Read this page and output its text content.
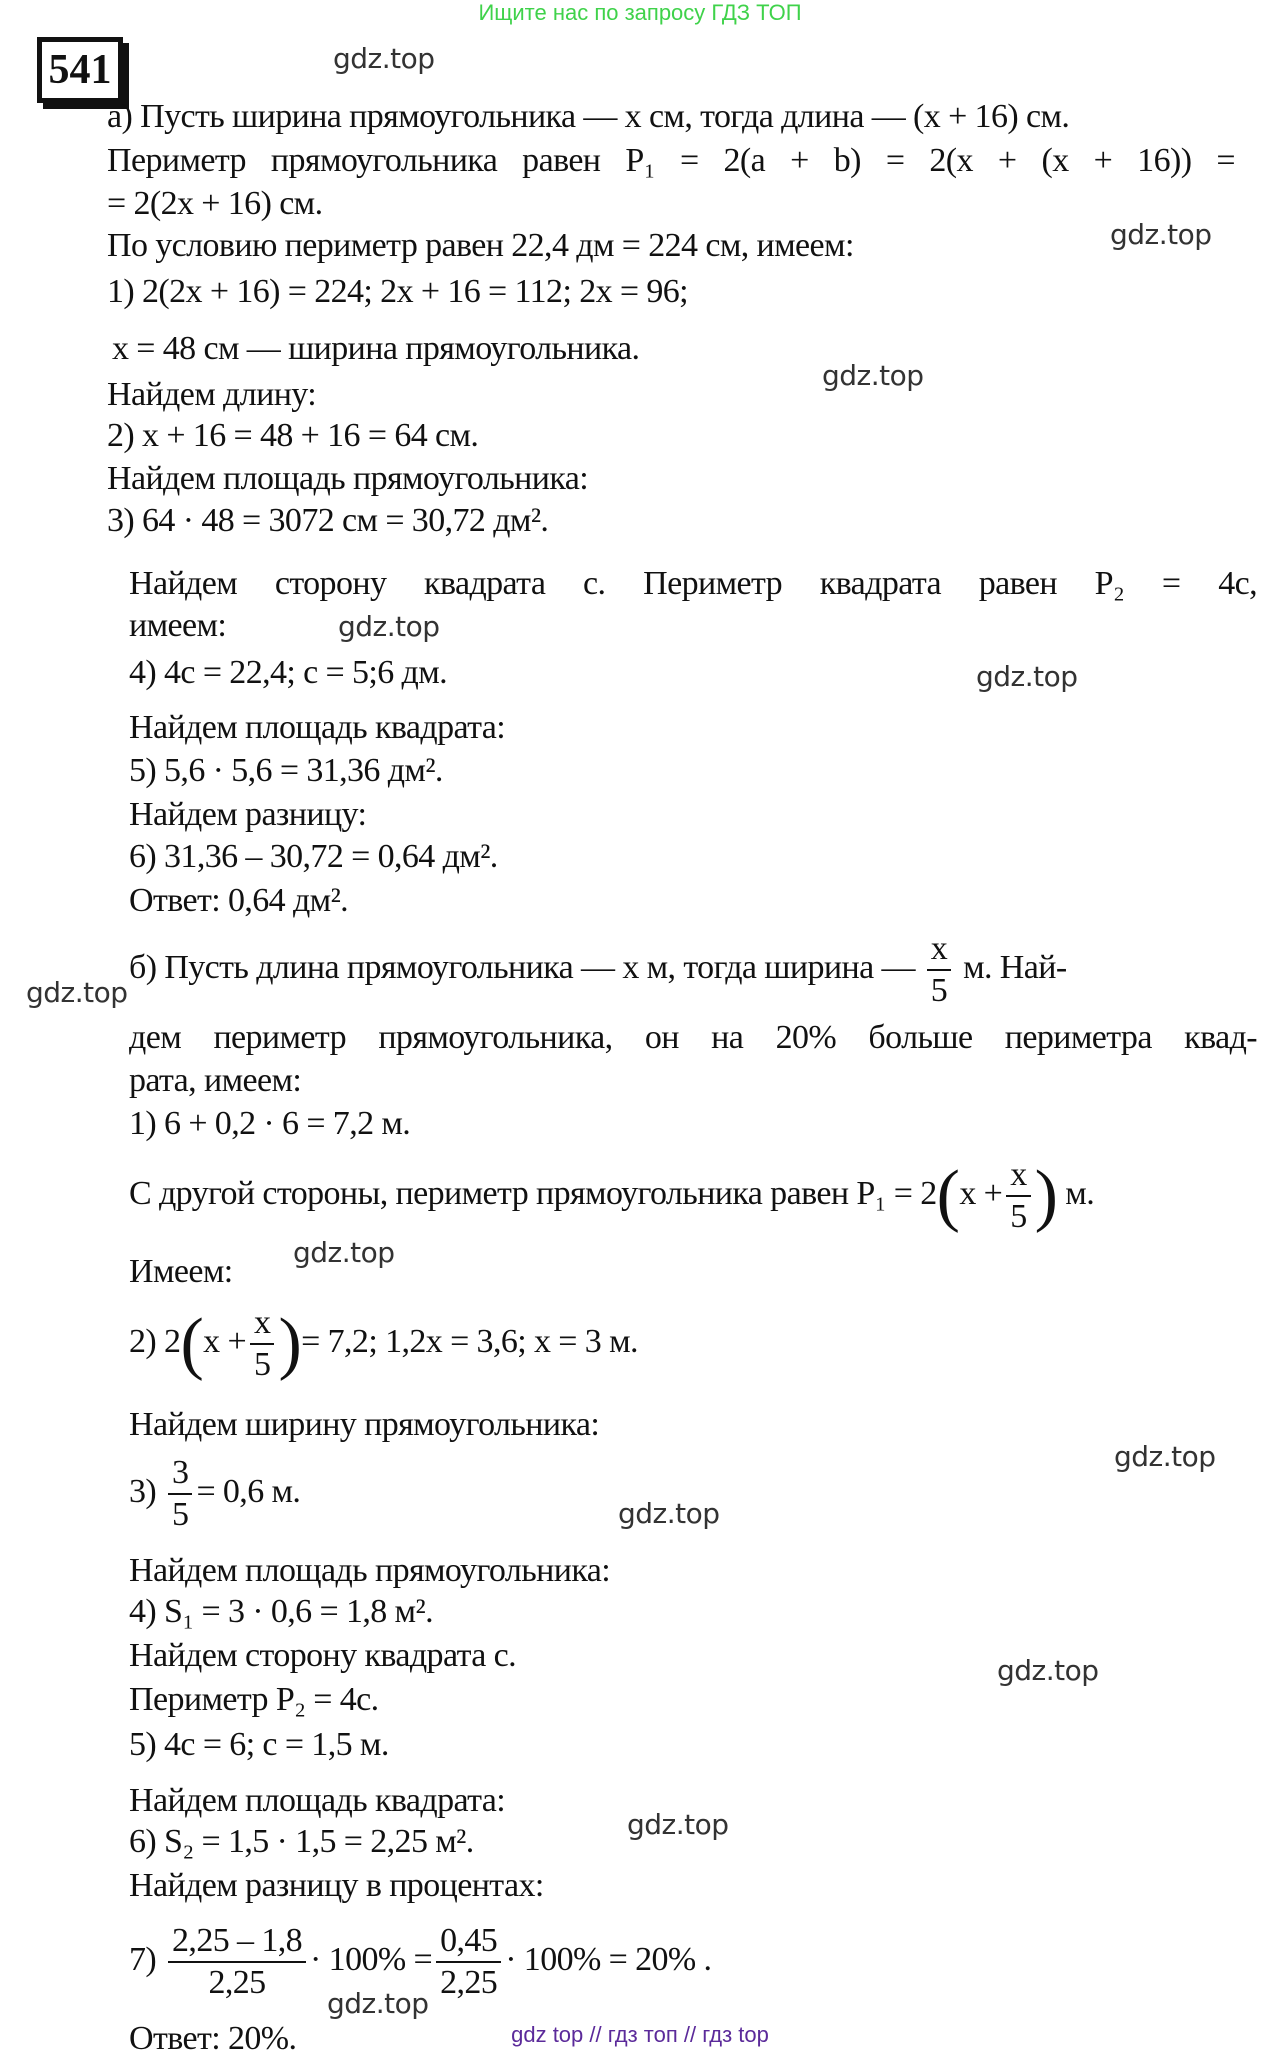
Ищите нас по запросу ГДЗ ТОП
541	gdz.top
gdz.top
gdz.top
gdz.top
gdz.top
gdz.top
gdz.top
gdz.top
gdz.top
gdz.top
gdz.top
gdz.top
а) Пусть ширина прямоугольника — x см, тогда длина — (x + 16) см.
Периметр прямоугольника равен P₁ = 2(a + b) = 2(x + (x + 16)) =
= 2(2x + 16) см.
По условию периметр равен 22,4 дм = 224 см, имеем:
1) 2(2x + 16) = 224; 2x + 16 = 112; 2x = 96;
x = 48 см — ширина прямоугольника.
Найдем длину:
2) x + 16 = 48 + 16 = 64 см.
Найдем площадь прямоугольника:
3) 64 · 48 = 3072 см = 30,72 дм².
Найдем сторону квадрата c. Периметр квадрата равен P₂ = 4c,
имеем:
4) 4c = 22,4; c = 5;6 дм.
Найдем площадь квадрата:
5) 5,6 · 5,6 = 31,36 дм².
Найдем разницу:
6) 31,36 – 30,72 = 0,64 дм².
Ответ: 0,64 дм².
б) Пусть длина прямоугольника — x м, тогда ширина — $\frac{x}{5} м$. Най-
дем периметр прямоугольника, он на 20% больше периметра квад-
рата, имеем:
1) 6 + 0,2 · 6 = 7,2 м.
С другой стороны, периметр прямоугольника равен $P_1 = 2(x + \frac{x}{5}$ ) м.
Имеем:
2) $2(x + \frac{x}{5}$ )= 7,2; 1,2x = 3,6; x = 3 м.
Найдем ширину прямоугольника:
$3) \frac{3}{5} = 0,6$ м.
Найдем площадь прямоугольника:
4) S₁ = 3 · 0,6 = 1,8 м².
Найдем сторону квадрата c.
Периметр P₂ = 4c.
5) 4c = 6; c = 1,5 м.
Найдем площадь квадрата:
6) S₂ = 1,5 · 1,5 = 2,25 м².
Найдем разницу в процентах:
$7) \frac{2,25 - 1,8}{2,25} \cdot 100\% = \frac{0,45}{2,25} \cdot 100\% = 20\%$ .
Ответ: 20%.	gdz top // гдз топ // гдз top
